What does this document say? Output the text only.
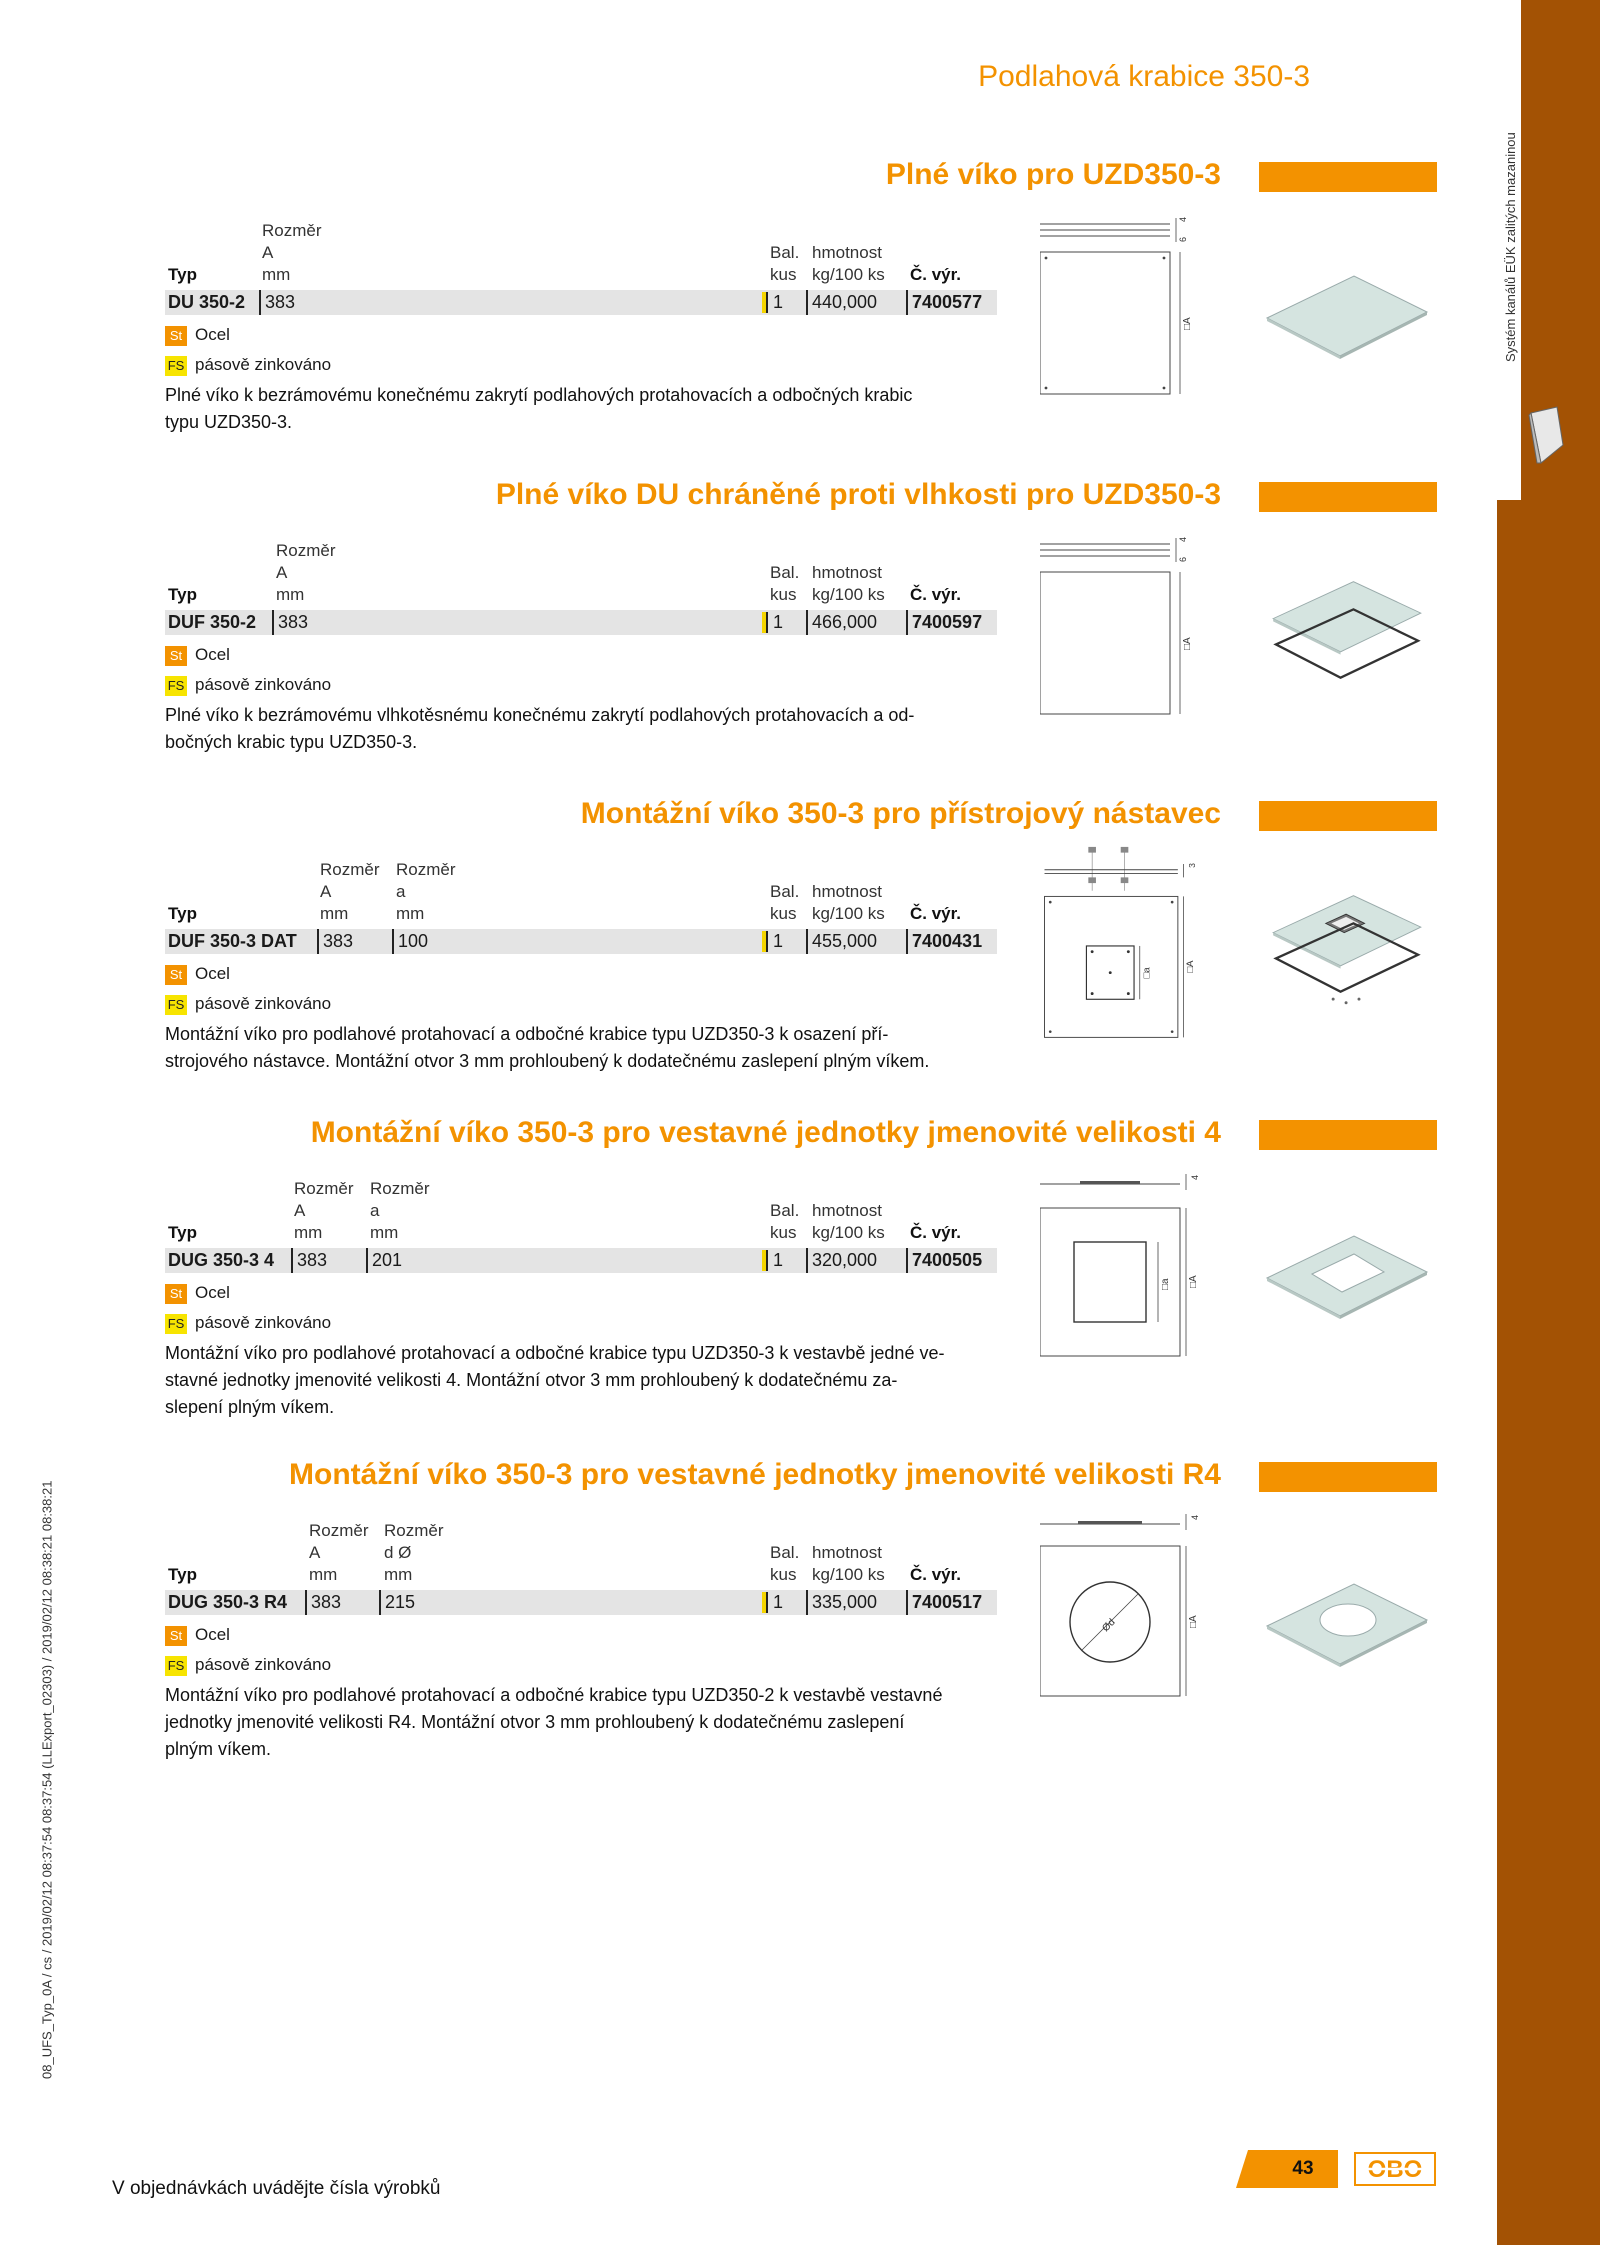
Systém kanálů EÜK zalitých mazaninou
08_UFS_Typ_0A / cs / 2019/02/12 08:37:54 08:37:54 (LLExport_02303) / 2019/02/12 08:38:21 08:38:21
Podlahová krabice 350-3
Plné víko pro UZD350-3
Rozměr
A
mm
Typ
Bal.
kus
hmotnost
kg/100 ks Č. výr.
DU 350-2	383	1	440,000	7400577
St Ocel
FS pásově zinkováno
Plné víko k bezrámovému konečnému zakrytí podlahových protahovacích a odbočných krabic
typu UZD350-3.
4
6
□A
Plné víko DU chráněné proti vlhkosti pro UZD350-3
Rozměr
A
mm
Typ
Bal.
kus
hmotnost
kg/100 ks Č. výr.
DUF 350-2	383	1	466,000	7400597
St Ocel
FS pásově zinkováno
Plné víko k bezrámovému vlhkotěsnému konečnému zakrytí podlahových protahovacích a od-
bočných krabic typu UZD350-3.
4
6
□A
Montážní víko 350-3 pro přístrojový nástavec
Rozměr
A
mm
Rozměr
a
mm
Typ
Bal.
kus
hmotnost
kg/100 ks Č. výr.
DUF 350-3 DAT	383	100	1	455,000	7400431
St Ocel
FS pásově zinkováno
Montážní víko pro podlahové protahovací a odbočné krabice typu UZD350-3 k osazení pří-
strojového nástavce. Montážní otvor 3 mm prohloubený k dodatečnému zaslepení plným víkem.
3
□a
□A
Montážní víko 350-3 pro vestavné jednotky jmenovité velikosti 4
Rozměr
A
mm
Rozměr
a
mm
Typ
Bal.
kus
hmotnost
kg/100 ks Č. výr.
DUG 350-3 4	383	201	1	320,000	7400505
St Ocel
FS pásově zinkováno
Montážní víko pro podlahové protahovací a odbočné krabice typu UZD350-3 k vestavbě jedné ve-
stavné jednotky jmenovité velikosti 4. Montážní otvor 3 mm prohloubený k dodatečnému za-
slepení plným víkem.
4
□a □A
Montážní víko 350-3 pro vestavné jednotky jmenovité velikosti R4
Rozměr
A
mm
Rozměr
d Ø
mm
Typ
Bal.
kus
hmotnost
kg/100 ks Č. výr.
DUG 350-3 R4	383	215	1	335,000	7400517
St Ocel
FS pásově zinkováno
Montážní víko pro podlahové protahovací a odbočné krabice typu UZD350-2 k vestavbě vestavné
jednotky jmenovité velikosti R4. Montážní otvor 3 mm prohloubený k dodatečnému zaslepení
plným víkem.
4
Ød	□A
V objednávkách uvádějte čísla výrobků
43	OBO
